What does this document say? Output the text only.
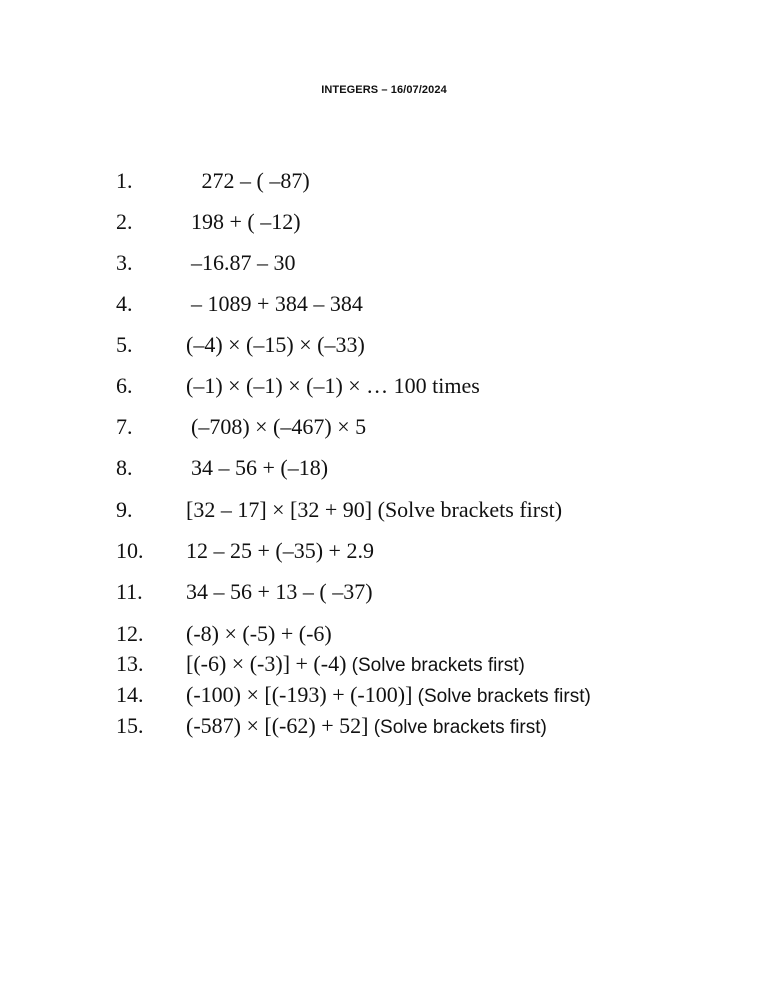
INTEGERS – 16/07/2024
1.	272 – ( –87)
2.	198 + ( –12)
3.	–16.87 – 30
4.	– 1089 + 384 – 384
5. (–4) × (–15) × (–33)
6. (–1) × (–1) × (–1) × … 100 times
7.	(–708) × (–467) × 5
8.	34 – 56 + (–18)
9. [32 – 17] × [32 + 90] (Solve brackets first)
10. 12 – 25 + (–35) + 2.9
11. 34 – 56 + 13 – ( –37)
12. (-8) × (-5) + (-6)
13. [(-6) × (-3)] + (-4) (Solve brackets first)
14. (-100) × [(-193) + (-100)] (Solve brackets first)
15. (-587) × [(-62) + 52] (Solve brackets first)
